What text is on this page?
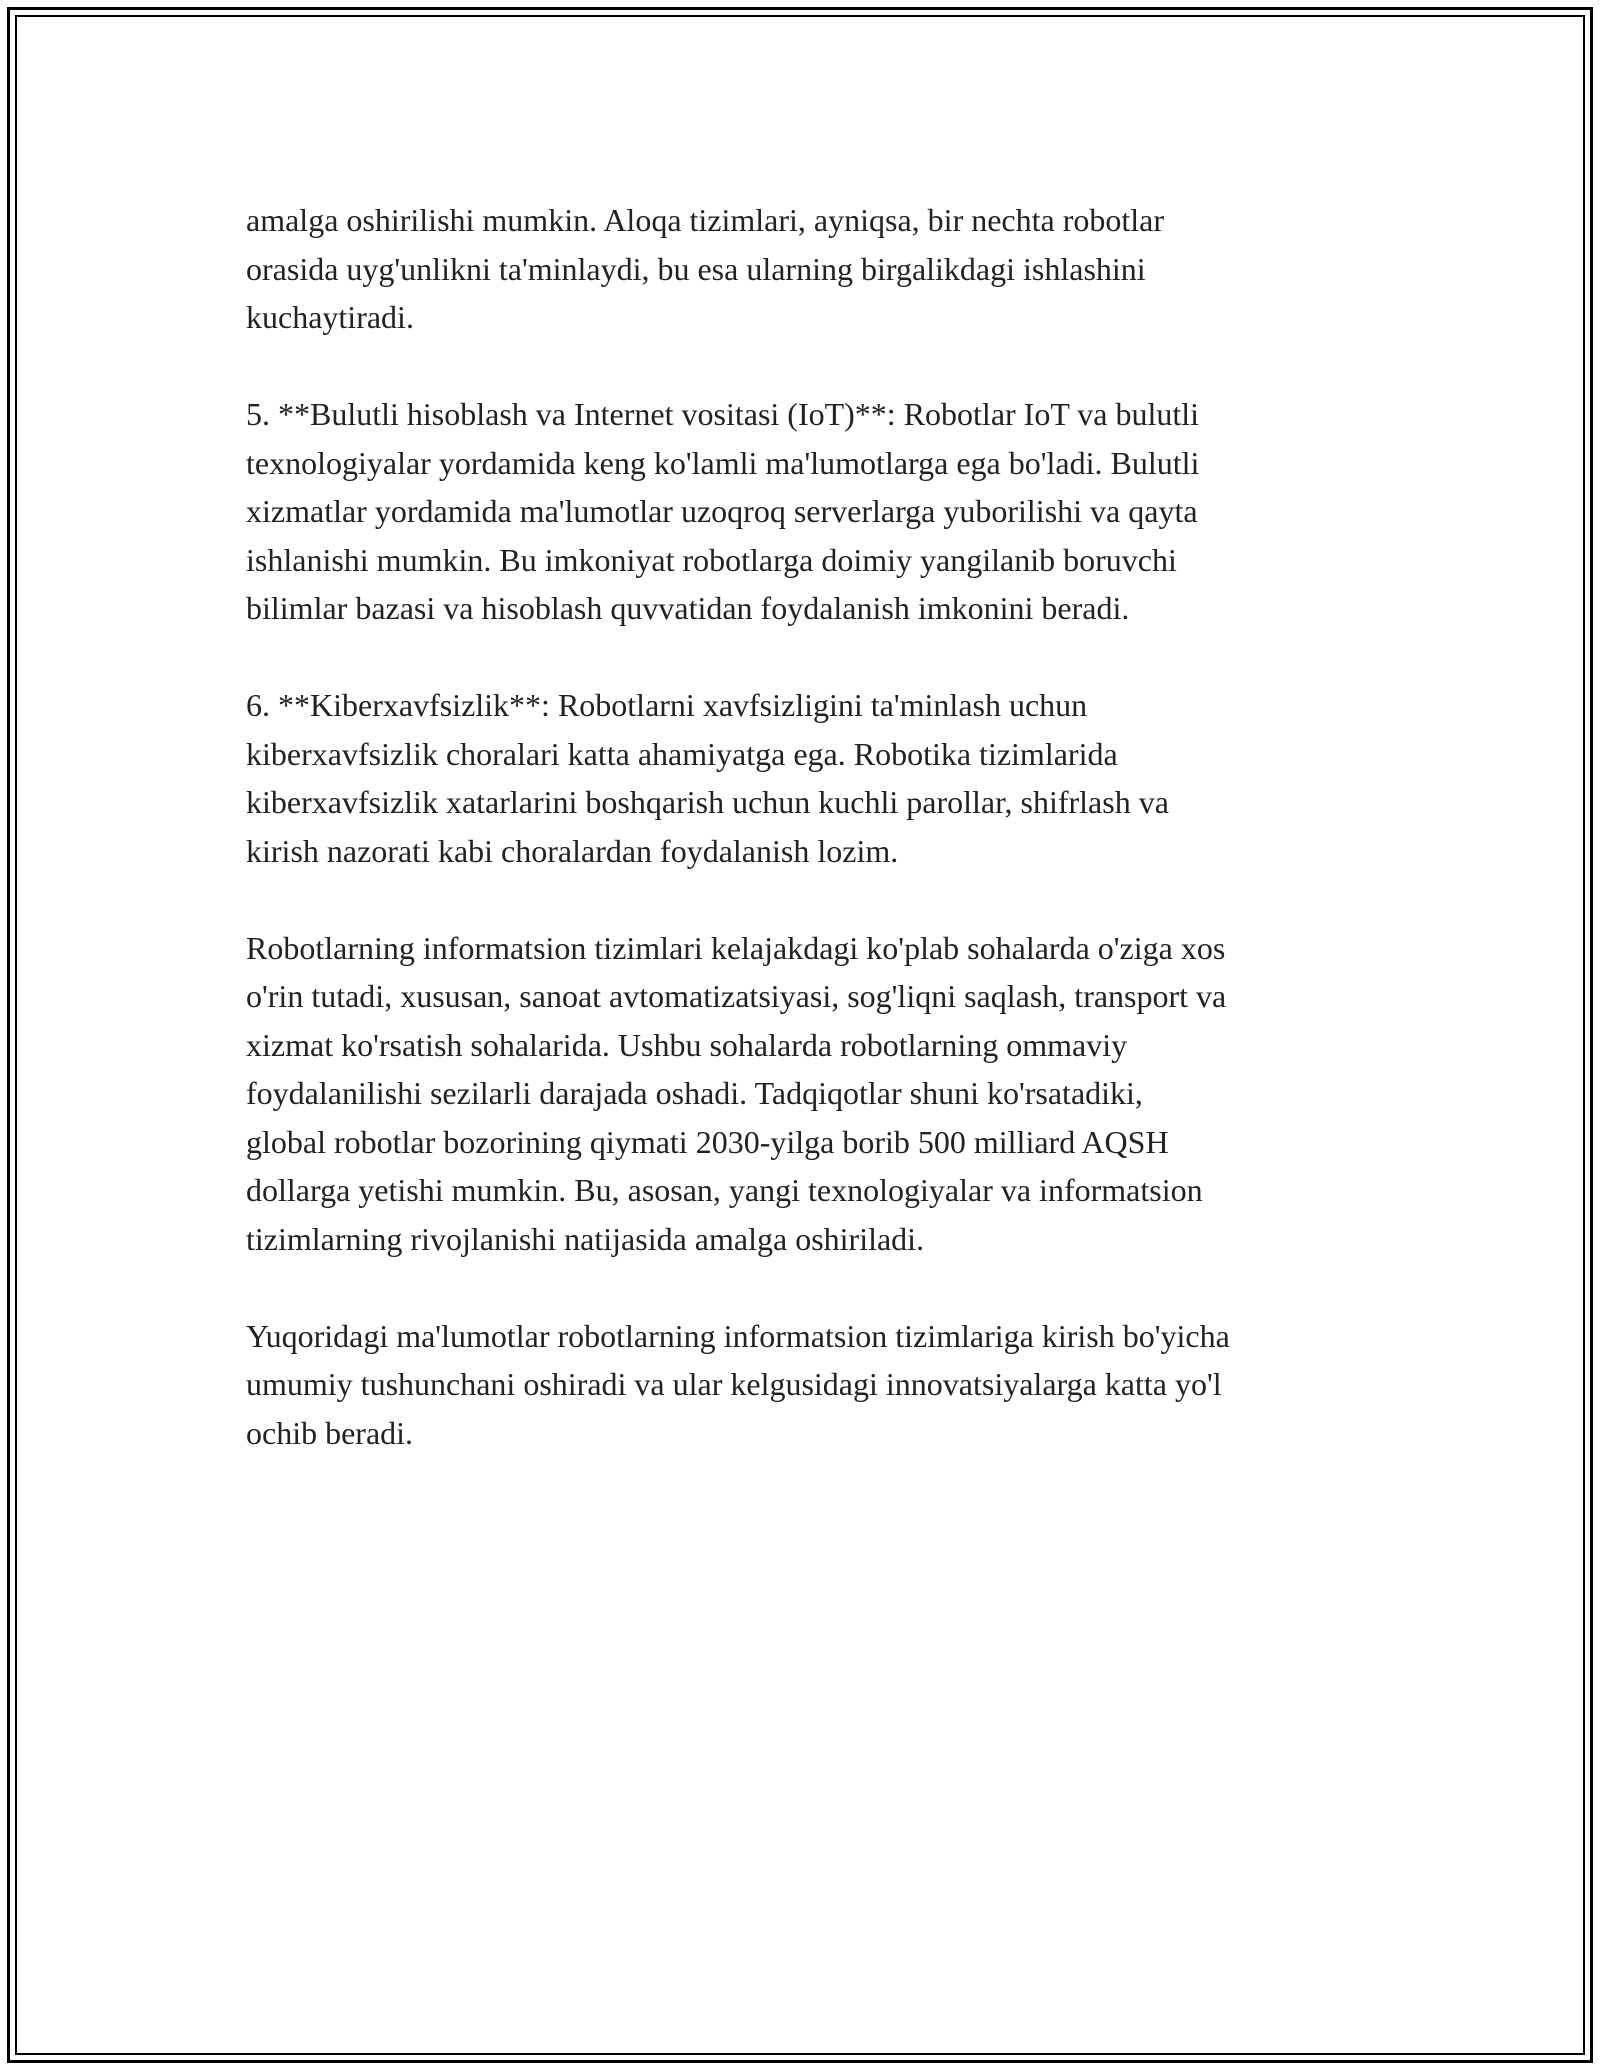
amalga oshirilishi mumkin. Aloqa tizimlari, ayniqsa, bir nechta robotlar
orasida uyg'unlikni ta'minlaydi, bu esa ularning birgalikdagi ishlashini
kuchaytiradi.
5. **Bulutli hisoblash va Internet vositasi (IoT)**: Robotlar IoT va bulutli
texnologiyalar yordamida keng ko'lamli ma'lumotlarga ega bo'ladi. Bulutli
xizmatlar yordamida ma'lumotlar uzoqroq serverlarga yuborilishi va qayta
ishlanishi mumkin. Bu imkoniyat robotlarga doimiy yangilanib boruvchi
bilimlar bazasi va hisoblash quvvatidan foydalanish imkonini beradi.
6. **Kiberxavfsizlik**: Robotlarni xavfsizligini ta'minlash uchun
kiberxavfsizlik choralari katta ahamiyatga ega. Robotika tizimlarida
kiberxavfsizlik xatarlarini boshqarish uchun kuchli parollar, shifrlash va
kirish nazorati kabi choralardan foydalanish lozim.
Robotlarning informatsion tizimlari kelajakdagi ko'plab sohalarda o'ziga xos
o'rin tutadi, xususan, sanoat avtomatizatsiyasi, sog'liqni saqlash, transport va
xizmat ko'rsatish sohalarida. Ushbu sohalarda robotlarning ommaviy
foydalanilishi sezilarli darajada oshadi. Tadqiqotlar shuni ko'rsatadiki,
global robotlar bozorining qiymati 2030-yilga borib 500 milliard AQSH
dollarga yetishi mumkin. Bu, asosan, yangi texnologiyalar va informatsion
tizimlarning rivojlanishi natijasida amalga oshiriladi.
Yuqoridagi ma'lumotlar robotlarning informatsion tizimlariga kirish bo'yicha
umumiy tushunchani oshiradi va ular kelgusidagi innovatsiyalarga katta yo'l
ochib beradi.
